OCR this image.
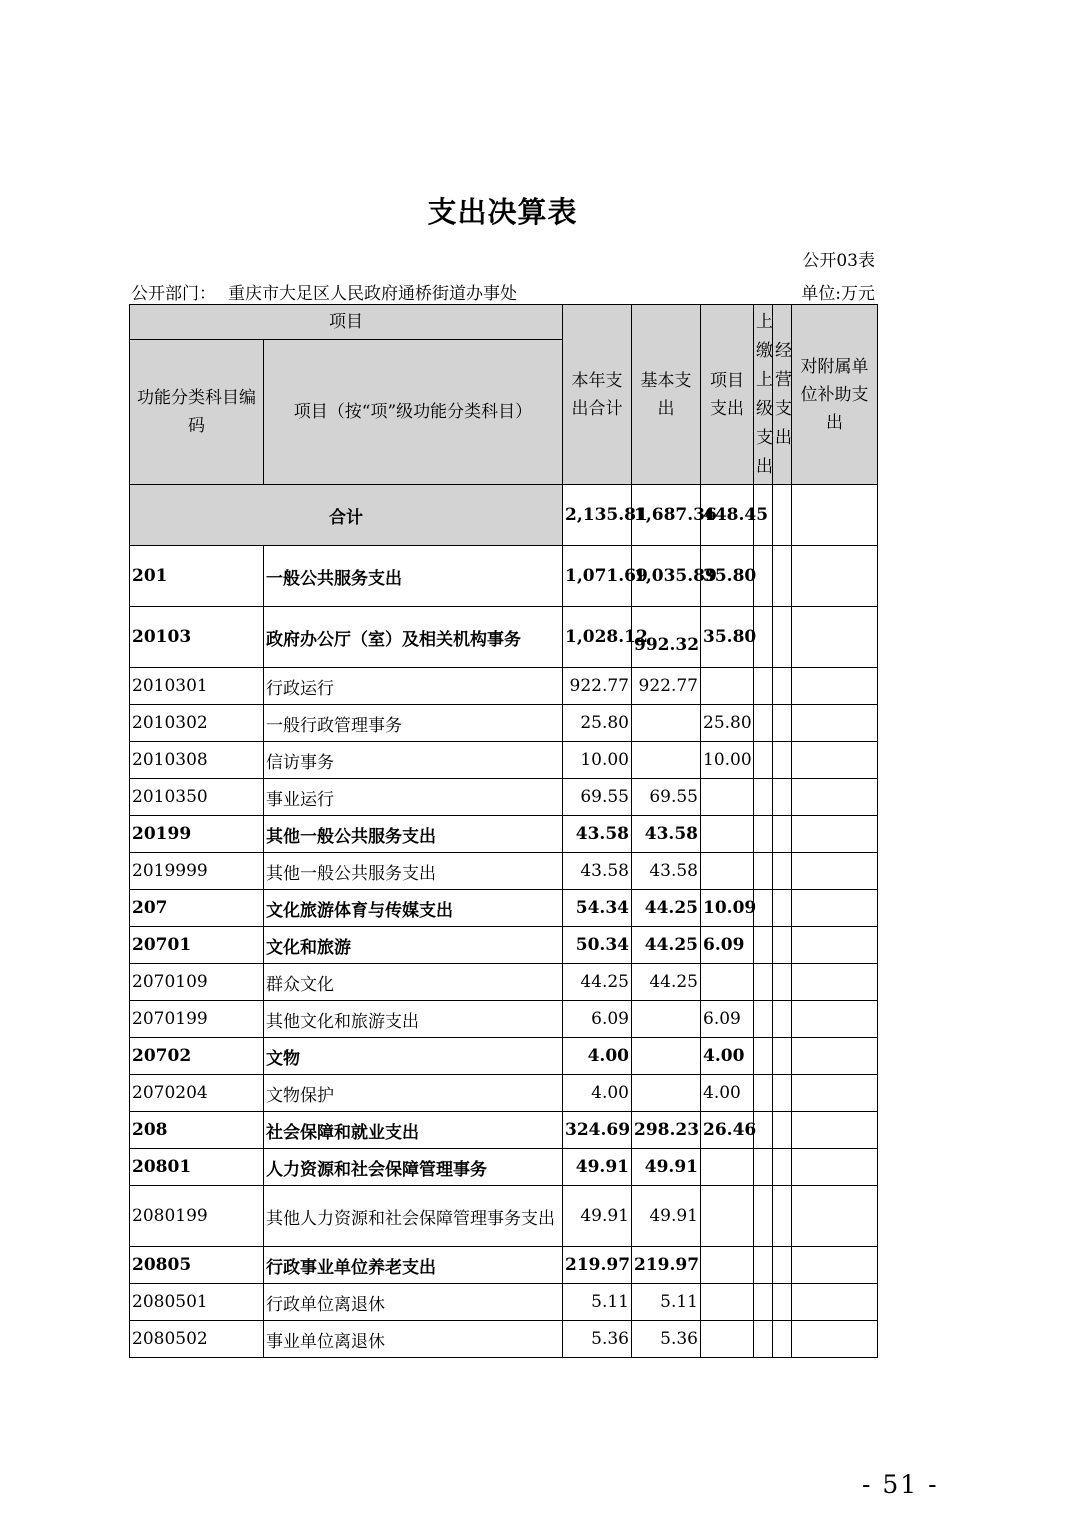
支出决算表
公开03表
公开部门： 重庆市大足区人民政府通桥街道办事处	单位:万元
项目		本年支出合计	基本支出	项目支出	上缴上级支出	经营支出	对附属单位补助支出
功能分类科目编码	项目（按“项”级功能分类科目）						
合计		2,135.81	1,687.36	448.45			
201	一般公共服务支出	1,071.69	1,035.89	35.80			
20103	政府办公厅（室）及相关机构事务	1,028.12	992.32	35.80			
2010301	行政运行	922.77	922.77				
2010302	一般行政管理事务	25.80		25.80			
2010308	信访事务	10.00		10.00			
2010350	事业运行	69.55	69.55				
20199	其他一般公共服务支出	43.58	43.58				
2019999	其他一般公共服务支出	43.58	43.58				
207	文化旅游体育与传媒支出	54.34	44.25	10.09			
20701	文化和旅游	50.34	44.25	6.09			
2070109	群众文化	44.25	44.25				
2070199	其他文化和旅游支出	6.09		6.09			
20702	文物	4.00		4.00			
2070204	文物保护	4.00		4.00			
208	社会保障和就业支出	324.69	298.23	26.46			
20801	人力资源和社会保障管理事务	49.91	49.91				
2080199	其他人力资源和社会保障管理事务支出	49.91	49.91				
20805	行政事业单位养老支出	219.97	219.97				
2080501	行政单位离退休	5.11	5.11				
2080502	事业单位离退休	5.36	5.36				
- 51 -
